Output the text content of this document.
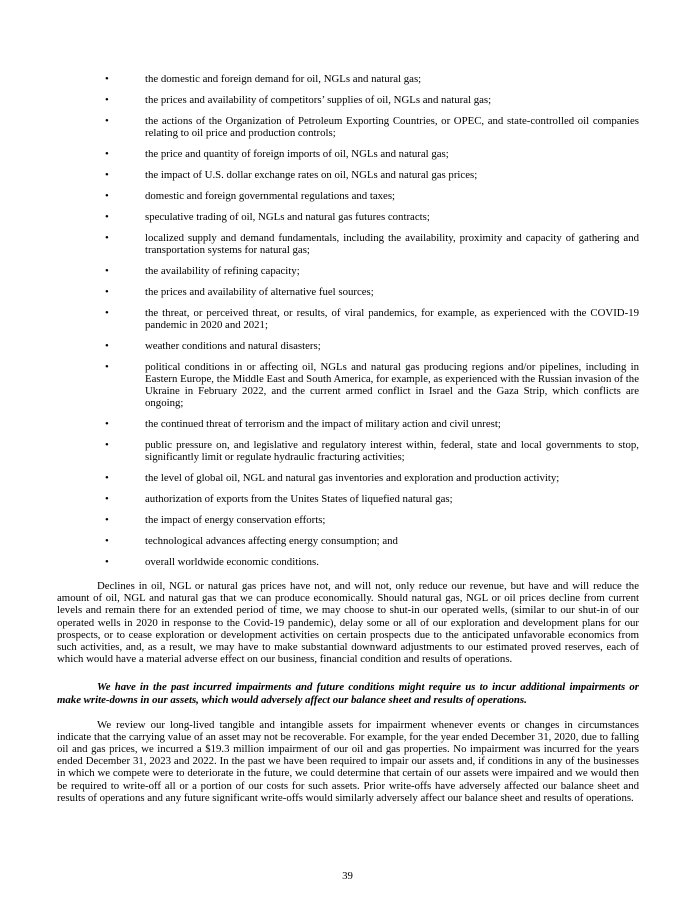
•	the domestic and foreign demand for oil, NGLs and natural gas;
•	the prices and availability of competitors’ supplies of oil, NGLs and natural gas;
•	the actions of the Organization of Petroleum Exporting Countries, or OPEC, and state-controlled oil companies relating to oil price and production controls;
•	the price and quantity of foreign imports of oil, NGLs and natural gas;
•	the impact of U.S. dollar exchange rates on oil, NGLs and natural gas prices;
•	domestic and foreign governmental regulations and taxes;
•	speculative trading of oil, NGLs and natural gas futures contracts;
•	localized supply and demand fundamentals, including the availability, proximity and capacity of gathering and transportation systems for natural gas;
•	the availability of refining capacity;
•	the prices and availability of alternative fuel sources;
•	the threat, or perceived threat, or results, of viral pandemics, for example, as experienced with the COVID-19 pandemic in 2020 and 2021;
•	weather conditions and natural disasters;
•	political conditions in or affecting oil, NGLs and natural gas producing regions and/or pipelines, including in Eastern Europe, the Middle East and South America, for example, as experienced with the Russian invasion of the Ukraine in February 2022, and the current armed conflict in Israel and the Gaza Strip, which conflicts are ongoing;
•	the continued threat of terrorism and the impact of military action and civil unrest;
•	public pressure on, and legislative and regulatory interest within, federal, state and local governments to stop, significantly limit or regulate hydraulic fracturing activities;
•	the level of global oil, NGL and natural gas inventories and exploration and production activity;
•	authorization of exports from the Unites States of liquefied natural gas;
•	the impact of energy conservation efforts;
•	technological advances affecting energy consumption; and
•	overall worldwide economic conditions.

Declines in oil, NGL or natural gas prices have not, and will not, only reduce our revenue, but have and will reduce the amount of oil, NGL and natural gas that we can produce economically. Should natural gas, NGL or oil prices decline from current levels and remain there for an extended period of time, we may choose to shut-in our operated wells, (similar to our shut-in of our operated wells in 2020 in response to the Covid-19 pandemic), delay some or all of our exploration and development plans for our prospects, or to cease exploration or development activities on certain prospects due to the anticipated unfavorable economics from such activities, and, as a result, we may have to make substantial downward adjustments to our estimated proved reserves, each of which would have a material adverse effect on our business, financial condition and results of operations.

We have in the past incurred impairments and future conditions might require us to incur additional impairments or make write-downs in our assets, which would adversely affect our balance sheet and results of operations.

We review our long-lived tangible and intangible assets for impairment whenever events or changes in circumstances indicate that the carrying value of an asset may not be recoverable. For example, for the year ended December 31, 2020, due to falling oil and gas prices, we incurred a $19.3 million impairment of our oil and gas properties. No impairment was incurred for the years ended December 31, 2023 and 2022. In the past we have been required to impair our assets and, if conditions in any of the businesses in which we compete were to deteriorate in the future, we could determine that certain of our assets were impaired and we would then be required to write-off all or a portion of our costs for such assets. Prior write-offs have adversely affected our balance sheet and results of operations and any future significant write-offs would similarly adversely affect our balance sheet and results of operations.

39
